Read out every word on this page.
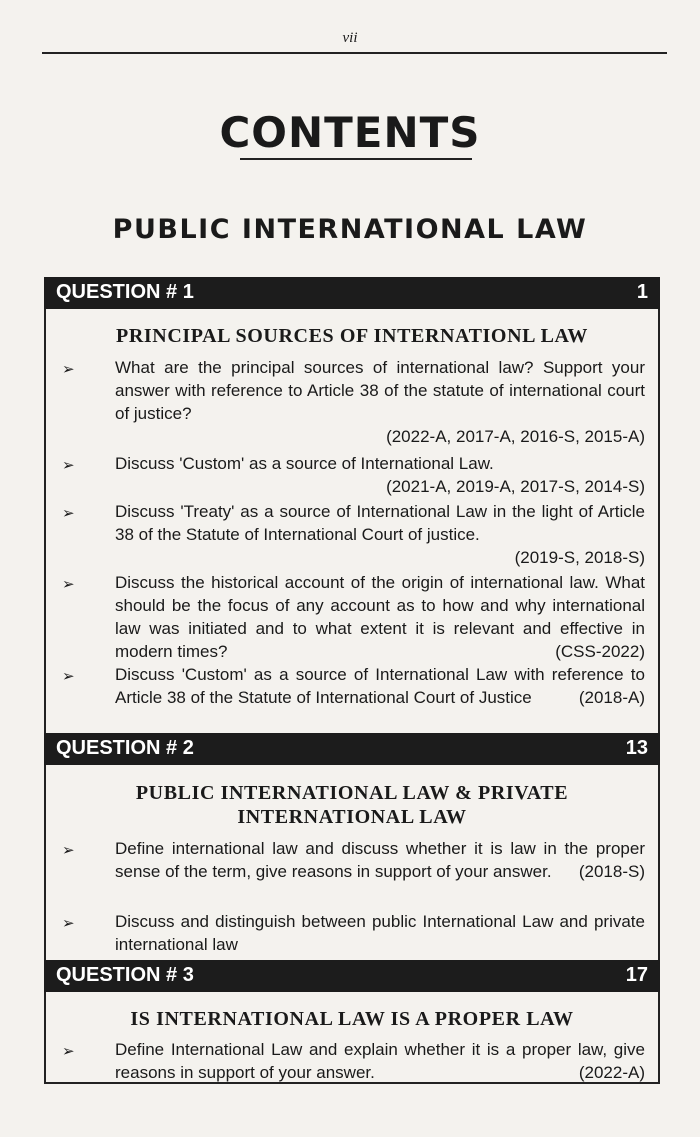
vii
CONTENTS
PUBLIC INTERNATIONAL LAW
QUESTION # 1	1
PRINCIPAL SOURCES OF INTERNATIONL LAW
➢ What are the principal sources of international law? Support your answer with reference to Article 38 of the statute of international court of justice?
(2022-A, 2017-A, 2016-S, 2015-A)
➢ Discuss 'Custom' as a source of International Law.
(2021-A, 2019-A, 2017-S, 2014-S)
➢ Discuss 'Treaty' as a source of International Law in the light of Article 38 of the Statute of International Court of justice.
(2019-S, 2018-S)
➢ Discuss the historical account of the origin of international law. What should be the focus of any account as to how and why international law was initiated and to what extent it is relevant and effective in modern times?	(CSS-2022)
➢ Discuss 'Custom' as a source of International Law with reference to Article 38 of the Statute of International Court of Justice	(2018-A)
QUESTION # 2	13
PUBLIC INTERNATIONAL LAW & PRIVATE
INTERNATIONAL LAW
➢ Define international law and discuss whether it is law in the proper sense of the term, give reasons in support of your answer. (2018-S)
➢ Discuss and distinguish between public International Law and private international law
QUESTION # 3	17
IS INTERNATIONAL LAW IS A PROPER LAW
➢ Define International Law and explain whether it is a proper law, give reasons in support of your answer.	(2022-A)
